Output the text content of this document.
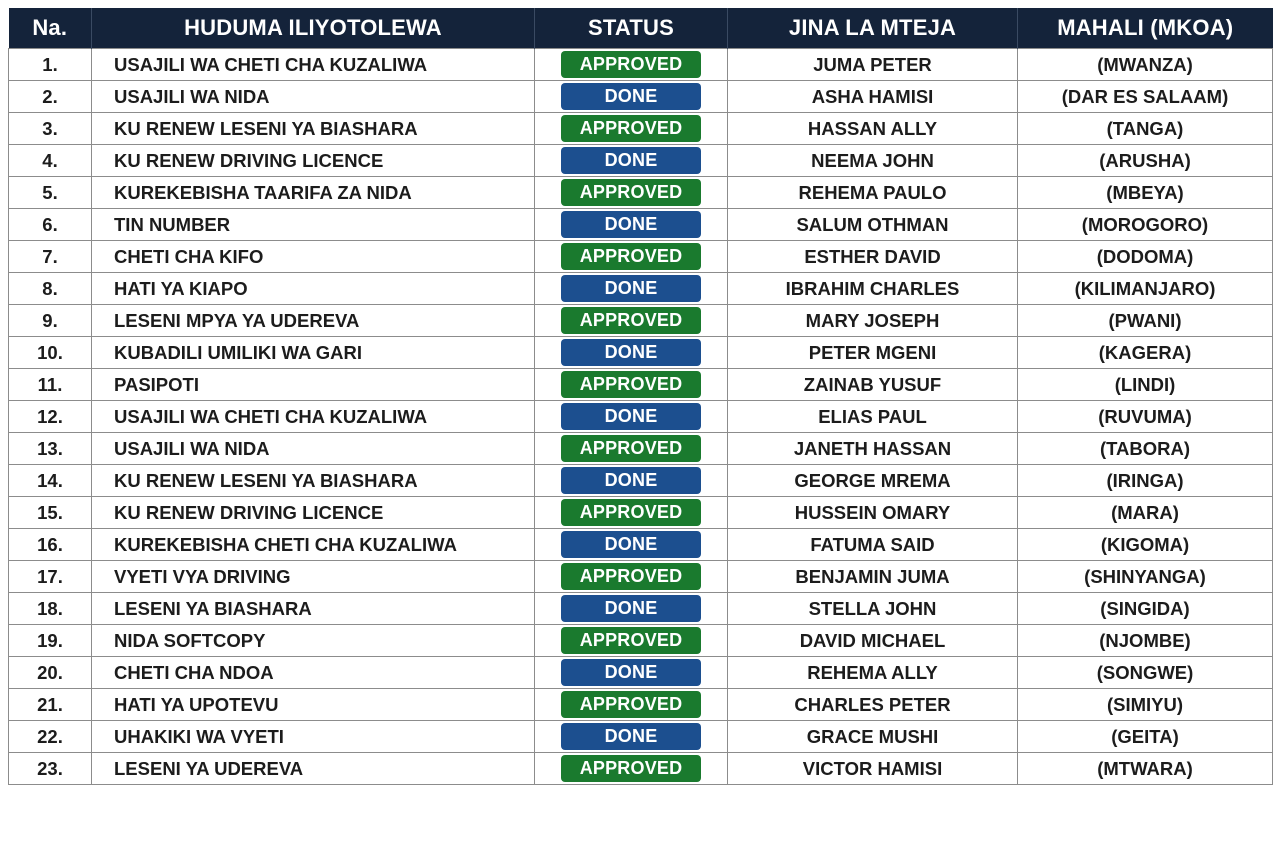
Na.	HUDUMA ILIYOTOLEWA	STATUS	JINA LA MTEJA	MAHALI (MKOA)
1.	USAJILI WA CHETI CHA KUZALIWA	APPROVED	JUMA PETER	(MWANZA)
2.	USAJILI WA NIDA	DONE	ASHA HAMISI	(DAR ES SALAAM)
3.	KU RENEW LESENI YA BIASHARA	APPROVED	HASSAN ALLY	(TANGA)
4.	KU RENEW DRIVING LICENCE	DONE	NEEMA JOHN	(ARUSHA)
5.	KUREKEBISHA TAARIFA ZA NIDA	APPROVED	REHEMA PAULO	(MBEYA)
6.	TIN NUMBER	DONE	SALUM OTHMAN	(MOROGORO)
7.	CHETI CHA KIFO	APPROVED	ESTHER DAVID	(DODOMA)
8.	HATI YA KIAPO	DONE	IBRAHIM CHARLES	(KILIMANJARO)
9.	LESENI MPYA YA UDEREVA	APPROVED	MARY JOSEPH	(PWANI)
10.	KUBADILI UMILIKI WA GARI	DONE	PETER MGENI	(KAGERA)
11.	PASIPOTI	APPROVED	ZAINAB YUSUF	(LINDI)
12.	USAJILI WA CHETI CHA KUZALIWA	DONE	ELIAS PAUL	(RUVUMA)
13.	USAJILI WA NIDA	APPROVED	JANETH HASSAN	(TABORA)
14.	KU RENEW LESENI YA BIASHARA	DONE	GEORGE MREMA	(IRINGA)
15.	KU RENEW DRIVING LICENCE	APPROVED	HUSSEIN OMARY	(MARA)
16.	KUREKEBISHA CHETI CHA KUZALIWA	DONE	FATUMA SAID	(KIGOMA)
17.	VYETI VYA DRIVING	APPROVED	BENJAMIN JUMA	(SHINYANGA)
18.	LESENI YA BIASHARA	DONE	STELLA JOHN	(SINGIDA)
19.	NIDA SOFTCOPY	APPROVED	DAVID MICHAEL	(NJOMBE)
20.	CHETI CHA NDOA	DONE	REHEMA ALLY	(SONGWE)
21.	HATI YA UPOTEVU	APPROVED	CHARLES PETER	(SIMIYU)
22.	UHAKIKI WA VYETI	DONE	GRACE MUSHI	(GEITA)
23.	LESENI YA UDEREVA	APPROVED	VICTOR HAMISI	(MTWARA)
